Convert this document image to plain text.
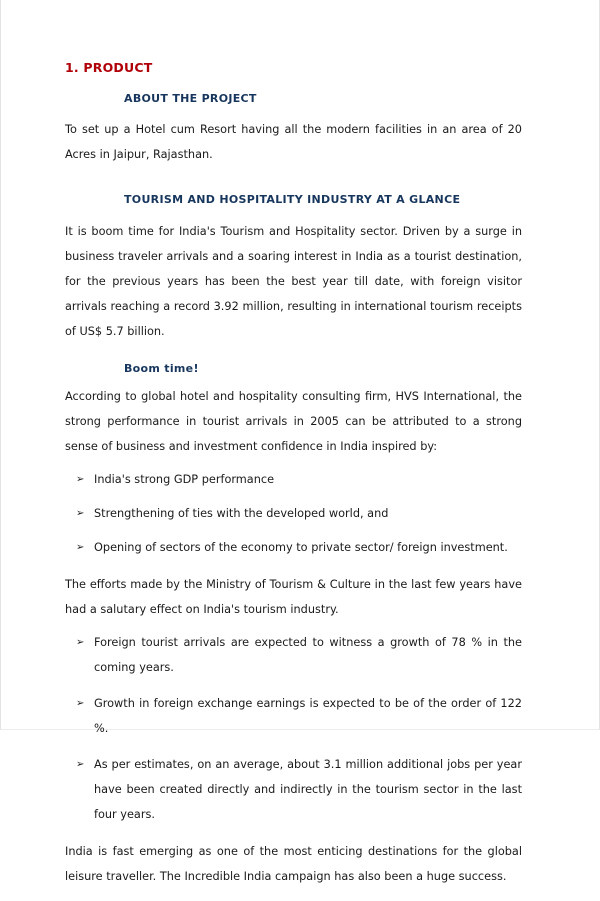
1. PRODUCT
ABOUT THE PROJECT

To set up a Hotel cum Resort having all the modern facilities in an area of 20 Acres in Jaipur, Rajasthan.

TOURISM AND HOSPITALITY INDUSTRY AT A GLANCE

It is boom time for India's Tourism and Hospitality sector. Driven by a surge in business traveler arrivals and a soaring interest in India as a tourist destination, for the previous years has been the best year till date, with foreign visitor arrivals reaching a record 3.92 million, resulting in international tourism receipts of US$ 5.7 billion.

Boom time!

According to global hotel and hospitality consulting firm, HVS International, the strong performance in tourist arrivals in 2005 can be attributed to a strong sense of business and investment confidence in India inspired by:

➢ India's strong GDP performance
➢ Strengthening of ties with the developed world, and
➢ Opening of sectors of the economy to private sector/ foreign investment.

The efforts made by the Ministry of Tourism & Culture in the last few years have had a salutary effect on India's tourism industry.

➢ Foreign tourist arrivals are expected to witness a growth of 78 % in the coming years.
➢ Growth in foreign exchange earnings is expected to be of the order of 122 %.
➢ As per estimates, on an average, about 3.1 million additional jobs per year have been created directly and indirectly in the tourism sector in the last four years.

India is fast emerging as one of the most enticing destinations for the global leisure traveller. The Incredible India campaign has also been a huge success.
